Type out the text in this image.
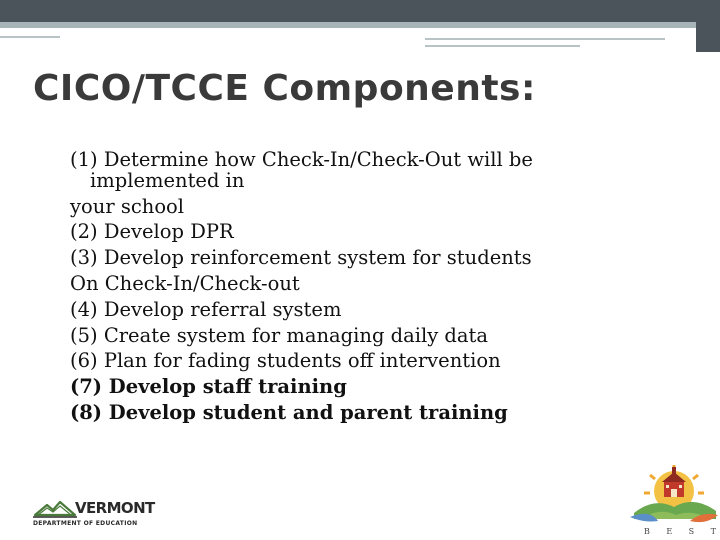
CICO/TCCE Components:
(1) Determine how Check-In/Check-Out will be
implemented in
your school
(2) Develop DPR
(3) Develop reinforcement system for students
On Check-In/Check-out
(4) Develop referral system
(5) Create system for managing daily data
(6) Plan for fading students off intervention
(7) Develop staff training
(8) Develop student and parent training
VERMONT
DEPARTMENT OF EDUCATION
B E S T
